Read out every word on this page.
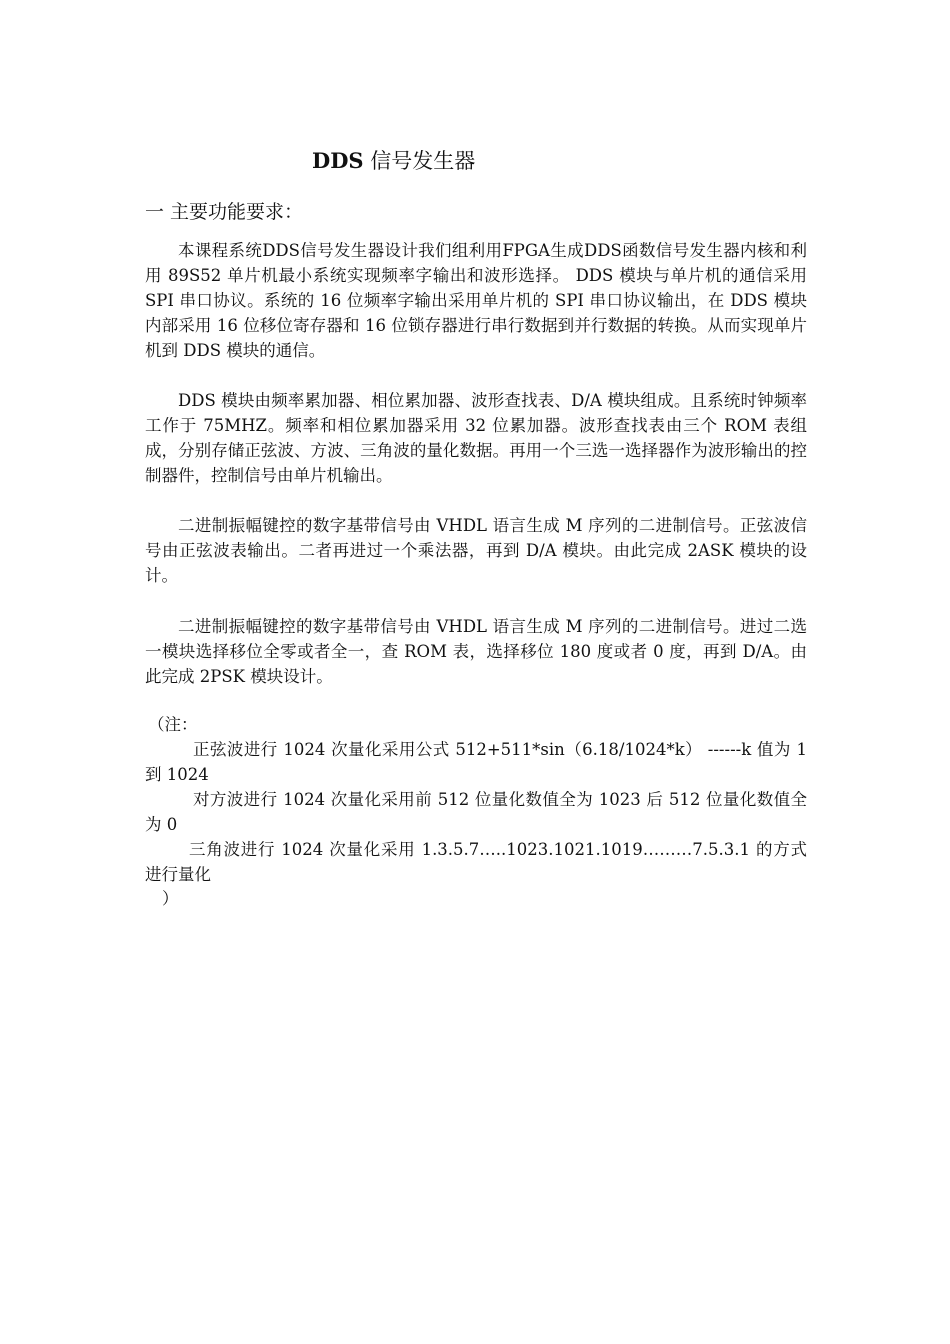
DDS 信号发生器
一 主要功能要求：

本课程系统DDS信号发生器设计我们组利用FPGA生成DDS函数信号发生器内核和利用 89S52 单片机最小系统实现频率字输出和波形选择。 DDS 模块与单片机的通信采用 SPI 串口协议。系统的 16 位频率字输出采用单片机的 SPI 串口协议输出，在 DDS 模块内部采用 16 位移位寄存器和 16 位锁存器进行串行数据到并行数据的转换。从而实现单片机到 DDS 模块的通信。

DDS 模块由频率累加器、相位累加器、波形查找表、D/A 模块组成。且系统时钟频率工作于 75MHZ。频率和相位累加器采用 32 位累加器。波形查找表由三个 ROM 表组成，分别存储正弦波、方波、三角波的量化数据。再用一个三选一选择器作为波形输出的控制器件，控制信号由单片机输出。

二进制振幅键控的数字基带信号由 VHDL 语言生成 M 序列的二进制信号。正弦波信号由正弦波表输出。二者再进过一个乘法器，再到 D/A 模块。由此完成 2ASK 模块的设计。

二进制振幅键控的数字基带信号由 VHDL 语言生成 M 序列的二进制信号。进过二选一模块选择移位全零或者全一，查 ROM 表，选择移位 180 度或者 0 度，再到 D/A。由此完成 2PSK 模块设计。

（注：

正弦波进行 1024 次量化采用公式 512+511*sin（6.18/1024*k） ------k 值为 1 到 1024

对方波进行 1024 次量化采用前 512 位量化数值全为 1023 后 512 位量化数值全为 0

三角波进行 1024 次量化采用 1.3.5.7…..1023.1021.1019………7.5.3.1 的方式进行量化

）
